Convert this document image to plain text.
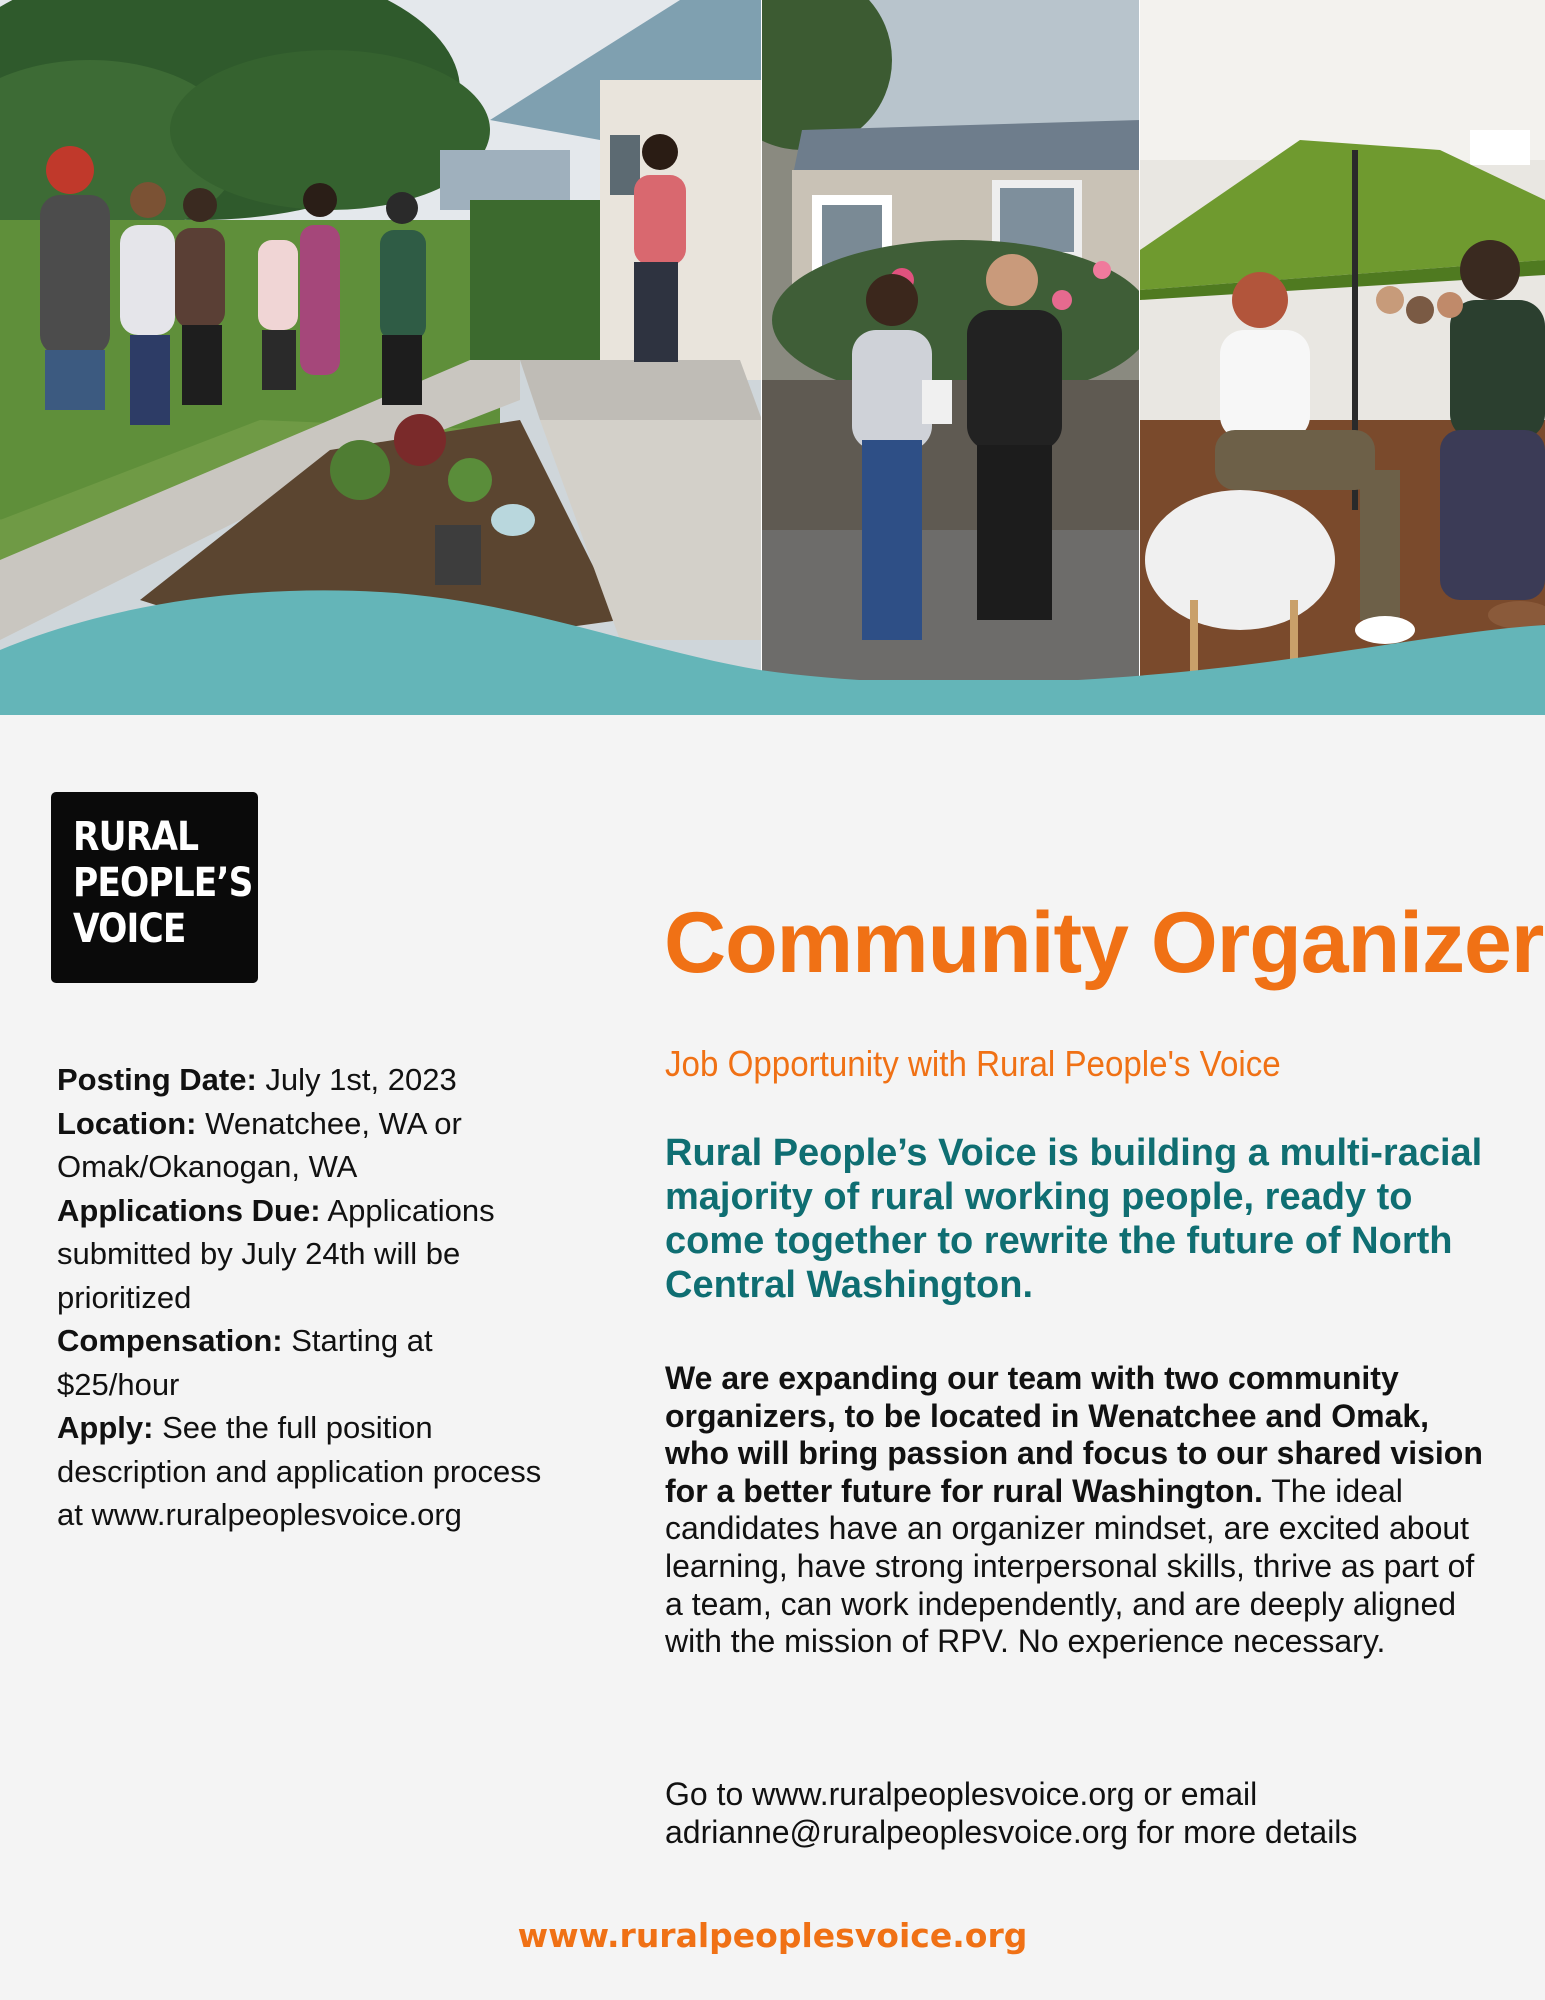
RURAL
PEOPLE’S
VOICE
Posting Date: July 1st, 2023
Location: Wenatchee, WA or Omak/Okanogan, WA
Applications Due: Applications submitted by July 24th will be prioritized
Compensation: Starting at $25/hour
Apply: See the full position description and application process at www.ruralpeoplesvoice.org
Community Organizer

Job Opportunity with Rural People's Voice

Rural People’s Voice is building a multi-racial majority of rural working people, ready to come together to rewrite the future of North Central Washington.

We are expanding our team with two community organizers, to be located in Wenatchee and Omak, who will bring passion and focus to our shared vision for a better future for rural Washington. The ideal candidates have an organizer mindset, are excited about learning, have strong interpersonal skills, thrive as part of a team, can work independently, and are deeply aligned with the mission of RPV. No experience necessary.

Go to www.ruralpeoplesvoice.org or email adrianne@ruralpeoplesvoice.org for more details

www.ruralpeoplesvoice.org
